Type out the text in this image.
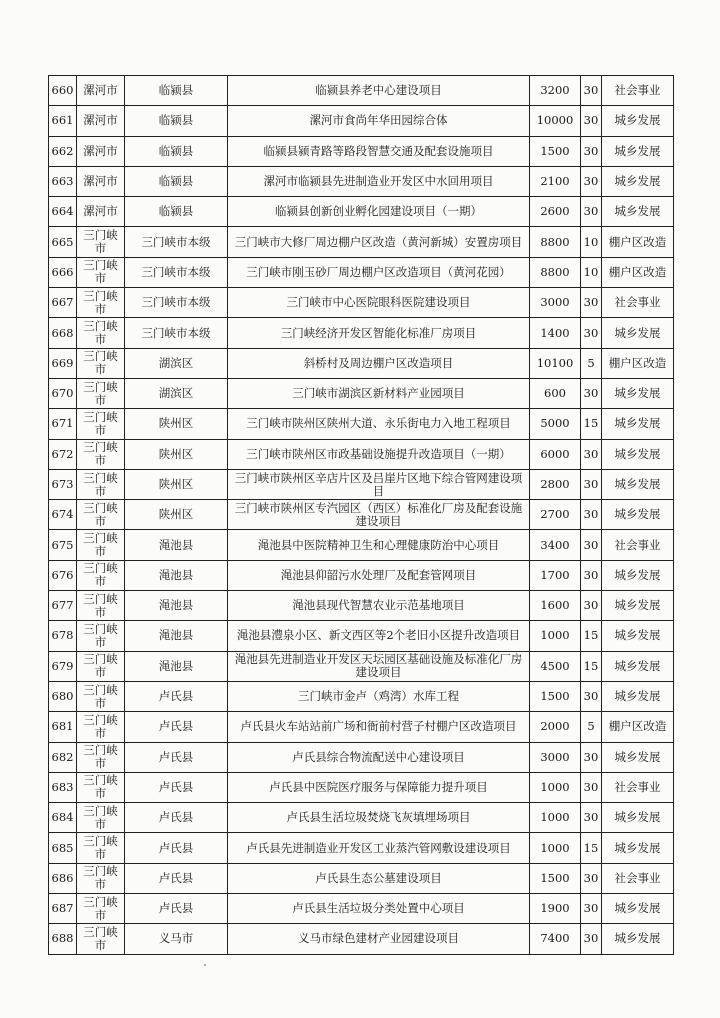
660	漯河市	临颍县	临颍县养老中心建设项目	3200	30	社会事业
661	漯河市	临颍县	漯河市食尚年华田园综合体	10000	30	城乡发展
662	漯河市	临颍县	临颍县颍青路等路段智慧交通及配套设施项目	1500	30	城乡发展
663	漯河市	临颍县	漯河市临颍县先进制造业开发区中水回用项目	2100	30	城乡发展
664	漯河市	临颍县	临颍县创新创业孵化园建设项目（一期）	2600	30	城乡发展
665	三门峡市	三门峡市本级	三门峡市大修厂周边棚户区改造（黄河新城）安置房项目	8800	10	棚户区改造
666	三门峡市	三门峡市本级	三门峡市刚玉砂厂周边棚户区改造项目（黄河花园）	8800	10	棚户区改造
667	三门峡市	三门峡市本级	三门峡市中心医院眼科医院建设项目	3000	30	社会事业
668	三门峡市	三门峡市本级	三门峡经济开发区智能化标准厂房项目	1400	30	城乡发展
669	三门峡市	湖滨区	斜桥村及周边棚户区改造项目	10100	5	棚户区改造
670	三门峡市	湖滨区	三门峡市湖滨区新材料产业园项目	600	30	城乡发展
671	三门峡市	陕州区	三门峡市陕州区陕州大道、永乐街电力入地工程项目	5000	15	城乡发展
672	三门峡市	陕州区	三门峡市陕州区市政基础设施提升改造项目（一期）	6000	30	城乡发展
673	三门峡市	陕州区	三门峡市陕州区辛店片区及吕崖片区地下综合管网建设项目	2800	30	城乡发展
674	三门峡市	陕州区	三门峡市陕州区专汽园区（西区）标准化厂房及配套设施建设项目	2700	30	城乡发展
675	三门峡市	渑池县	渑池县中医院精神卫生和心理健康防治中心项目	3400	30	社会事业
676	三门峡市	渑池县	渑池县仰韶污水处理厂及配套管网项目	1700	30	城乡发展
677	三门峡市	渑池县	渑池县现代智慧农业示范基地项目	1600	30	城乡发展
678	三门峡市	渑池县	渑池县澧泉小区、新文西区等2个老旧小区提升改造项目	1000	15	城乡发展
679	三门峡市	渑池县	渑池县先进制造业开发区天坛园区基础设施及标准化厂房建设项目	4500	15	城乡发展
680	三门峡市	卢氏县	三门峡市金卢（鸡湾）水库工程	1500	30	城乡发展
681	三门峡市	卢氏县	卢氏县火车站站前广场和衙前村营子村棚户区改造项目	2000	5	棚户区改造
682	三门峡市	卢氏县	卢氏县综合物流配送中心建设项目	3000	30	城乡发展
683	三门峡市	卢氏县	卢氏县中医院医疗服务与保障能力提升项目	1000	30	社会事业
684	三门峡市	卢氏县	卢氏县生活垃圾焚烧飞灰填埋场项目	1000	30	城乡发展
685	三门峡市	卢氏县	卢氏县先进制造业开发区工业蒸汽管网敷设建设项目	1000	15	城乡发展
686	三门峡市	卢氏县	卢氏县生态公墓建设项目	1500	30	社会事业
687	三门峡市	卢氏县	卢氏县生活垃圾分类处置中心项目	1900	30	城乡发展
688	三门峡市	义马市	义马市绿色建材产业园建设项目	7400	30	城乡发展
